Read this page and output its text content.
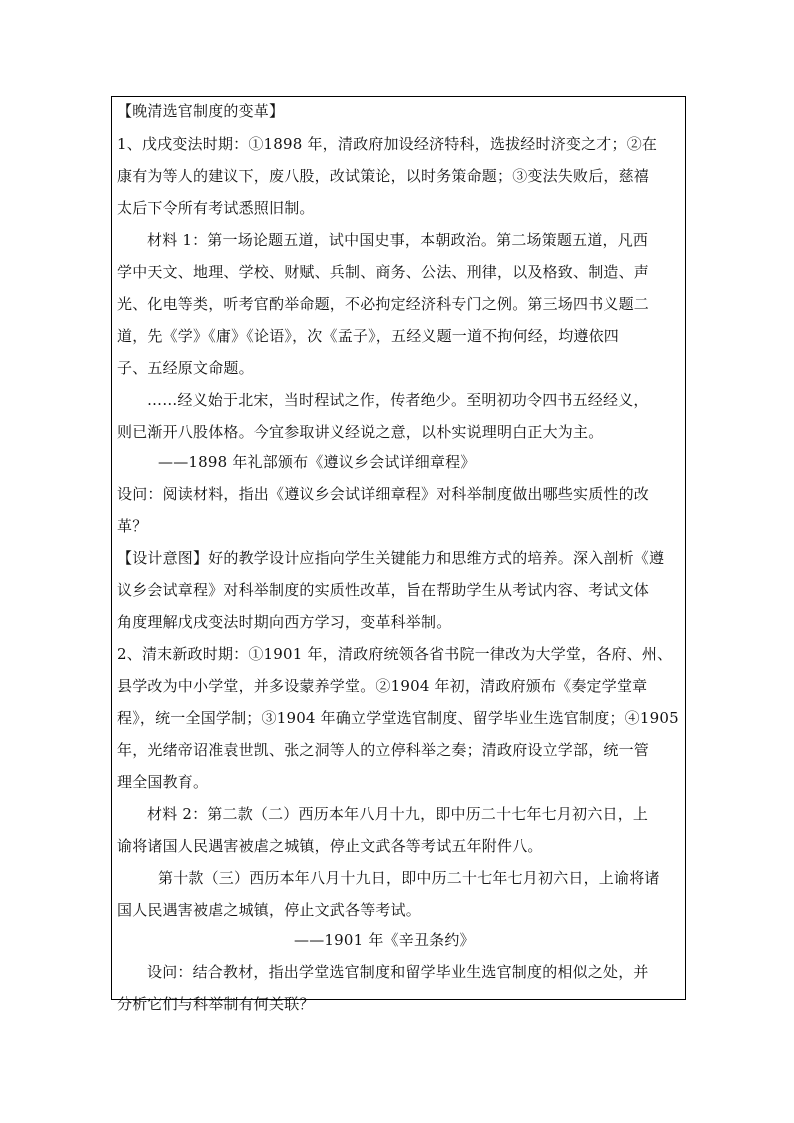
【晚清选官制度的变革】
1、戊戌变法时期：①1898 年，清政府加设经济特科，选拔经时济变之才；②在
康有为等人的建议下，废八股，改试策论，以时务策命题；③变法失败后，慈禧
太后下令所有考试悉照旧制。
材料 1：第一场论题五道，试中国史事，本朝政治。第二场策题五道，凡西
学中天文、地理、学校、财赋、兵制、商务、公法、刑律，以及格致、制造、声
光、化电等类，听考官酌举命题，不必拘定经济科专门之例。第三场四书义题二
道，先《学》《庸》《论语》，次《孟子》，五经义题一道不拘何经，均遵依四
子、五经原文命题。
……经义始于北宋，当时程试之作，传者绝少。至明初功令四书五经经义，
则已渐开八股体格。今宜参取讲义经说之意，以朴实说理明白正大为主。
——1898 年礼部颁布《遵议乡会试详细章程》
设问：阅读材料，指出《遵议乡会试详细章程》对科举制度做出哪些实质性的改
革？
【设计意图】好的教学设计应指向学生关键能力和思维方式的培养。深入剖析《遵
议乡会试章程》对科举制度的实质性改革，旨在帮助学生从考试内容、考试文体
角度理解戊戌变法时期向西方学习，变革科举制。
2、清末新政时期：①1901 年，清政府统领各省书院一律改为大学堂，各府、州、
县学改为中小学堂，并多设蒙养学堂。②1904 年初，清政府颁布《奏定学堂章
程》，统一全国学制；③1904 年确立学堂选官制度、留学毕业生选官制度；④1905
年，光绪帝诏准袁世凯、张之洞等人的立停科举之奏；清政府设立学部，统一管
理全国教育。
材料 2：第二款（二）西历本年八月十九，即中历二十七年七月初六日，上
谕将诸国人民遇害被虐之城镇，停止文武各等考试五年附件八。
第十款（三）西历本年八月十九日，即中历二十七年七月初六日，上谕将诸
国人民遇害被虐之城镇，停止文武各等考试。
——1901 年《辛丑条约》
设问：结合教材，指出学堂选官制度和留学毕业生选官制度的相似之处，并
分析它们与科举制有何关联？
